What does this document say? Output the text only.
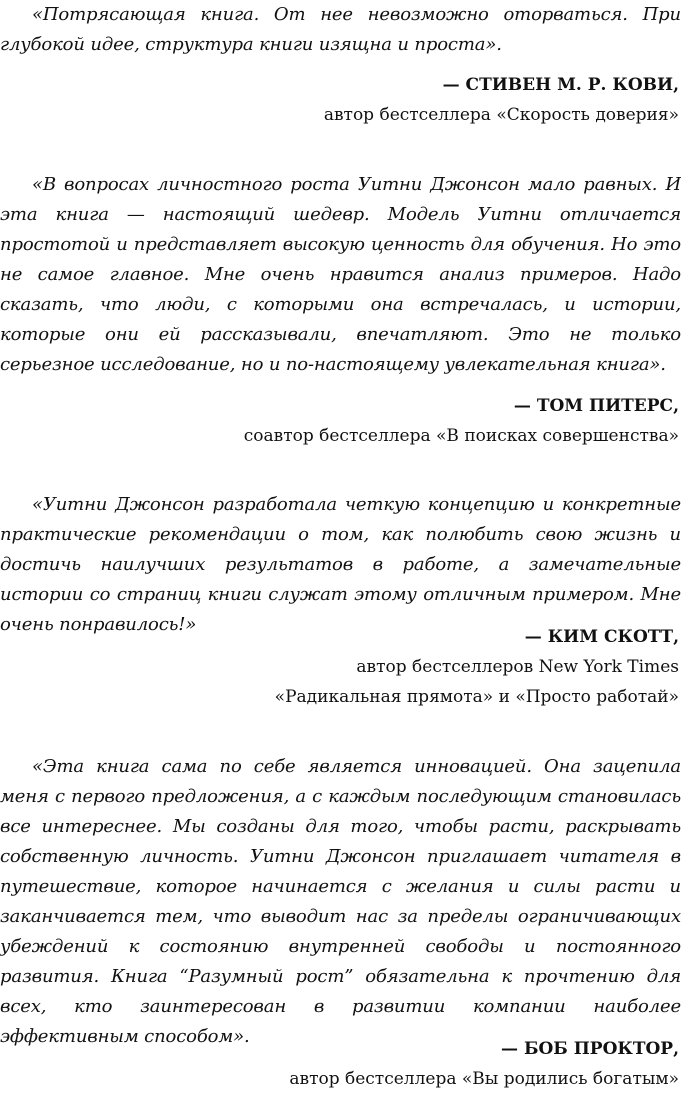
«Потрясающая книга. От нее невозможно оторваться. При глубокой идее, структура книги изящна и проста».

— СТИВЕН М. Р. КОВИ,
автор бестселлера «Скорость доверия»

«В вопросах личностного роста Уитни Джонсон мало равных. И эта книга — настоящий шедевр. Модель Уитни отличается простотой и представляет высокую ценность для обучения. Но это не самое главное. Мне очень нравится анализ примеров. Надо сказать, что люди, с которыми она встречалась, и истории, которые они ей рассказывали, впечатляют. Это не только серьезное исследование, но и по-настоящему увлекательная книга».

— ТОМ ПИТЕРС,
соавтор бестселлера «В поисках совершенства»

«Уитни Джонсон разработала четкую концепцию и конкретные практические рекомендации о том, как полюбить свою жизнь и достичь наилучших результатов в работе, а замечательные истории со страниц книги служат этому отличным примером. Мне очень понравилось!»

— КИМ СКОТТ,
автор бестселлеров New York Times
«Радикальная прямота» и «Просто работай»

«Эта книга сама по себе является инновацией. Она зацепила меня с первого предложения, а с каждым последующим становилась все интереснее. Мы созданы для того, чтобы расти, раскрывать собственную личность. Уитни Джонсон приглашает читателя в путешествие, которое начинается с желания и силы расти и заканчивается тем, что выводит нас за пределы ограничивающих убеждений к состоянию внутренней свободы и постоянного развития. Книга “Разумный рост” обязательна к прочтению для всех, кто заинтересован в развитии компании наиболее эффективным способом».

— БОБ ПРОКТОР,
автор бестселлера «Вы родились богатым»
